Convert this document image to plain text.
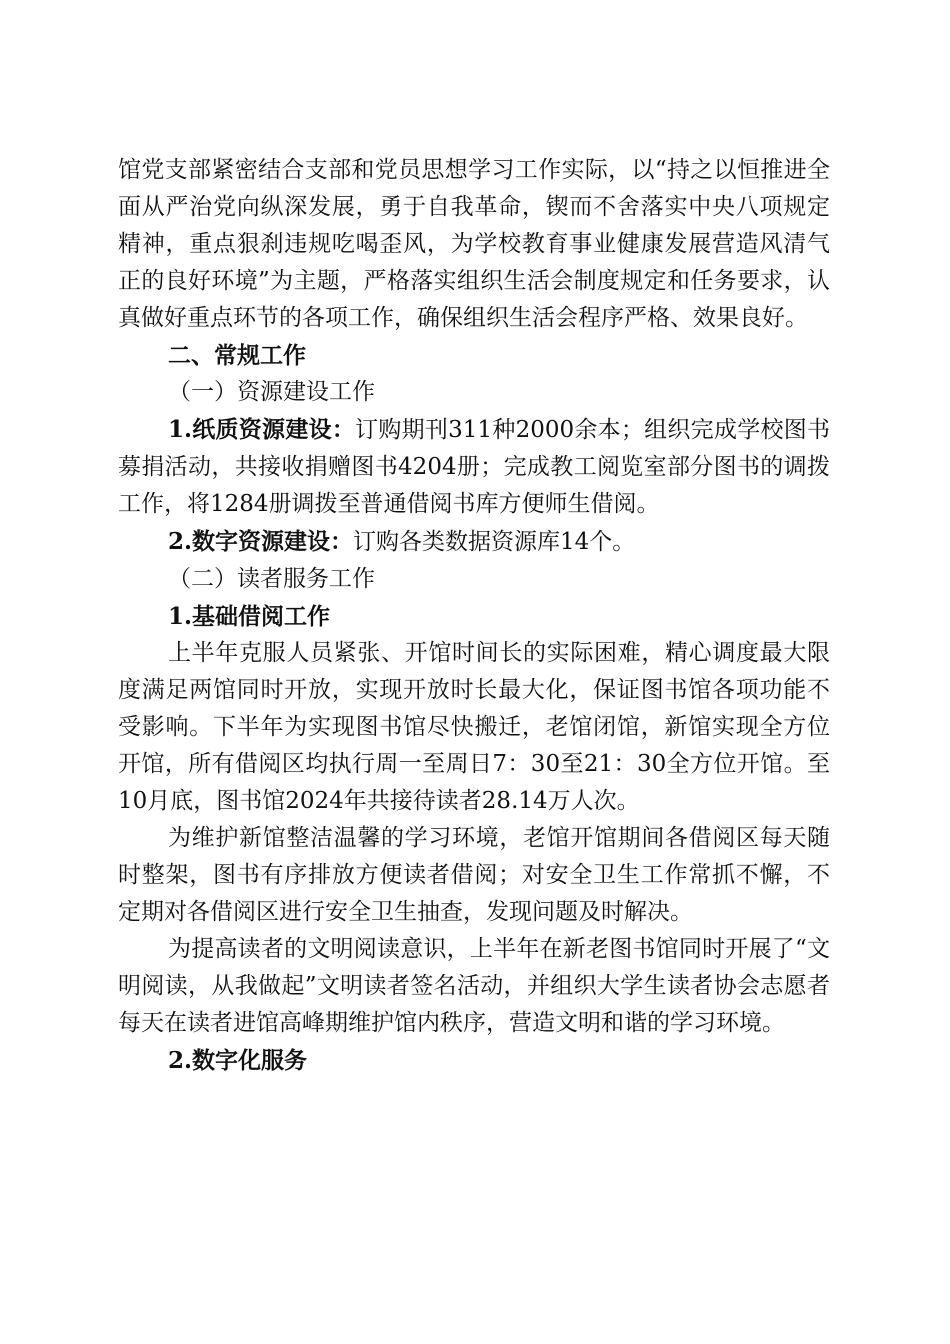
馆党支部紧密结合支部和党员思想学习工作实际，以“持之以恒推进全面从严治党向纵深发展，勇于自我革命，锲而不舍落实中央八项规定精神，重点狠刹违规吃喝歪风，为学校教育事业健康发展营造风清气正的良好环境”为主题，严格落实组织生活会制度规定和任务要求，认真做好重点环节的各项工作，确保组织生活会程序严格、效果良好。

二、常规工作

（一）资源建设工作

1.纸质资源建设：订购期刊311种2000余本；组织完成学校图书募捐活动，共接收捐赠图书4204册；完成教工阅览室部分图书的调拨工作，将1284册调拨至普通借阅书库方便师生借阅。

2.数字资源建设：订购各类数据资源库14个。

（二）读者服务工作

1.基础借阅工作

上半年克服人员紧张、开馆时间长的实际困难，精心调度最大限度满足两馆同时开放，实现开放时长最大化，保证图书馆各项功能不受影响。下半年为实现图书馆尽快搬迁，老馆闭馆，新馆实现全方位开馆，所有借阅区均执行周一至周日7：30至21：30全方位开馆。至10月底，图书馆2024年共接待读者28.14万人次。

为维护新馆整洁温馨的学习环境，老馆开馆期间各借阅区每天随时整架，图书有序排放方便读者借阅；对安全卫生工作常抓不懈，不定期对各借阅区进行安全卫生抽查，发现问题及时解决。

为提高读者的文明阅读意识，上半年在新老图书馆同时开展了“文明阅读，从我做起”文明读者签名活动，并组织大学生读者协会志愿者每天在读者进馆高峰期维护馆内秩序，营造文明和谐的学习环境。

2.数字化服务
